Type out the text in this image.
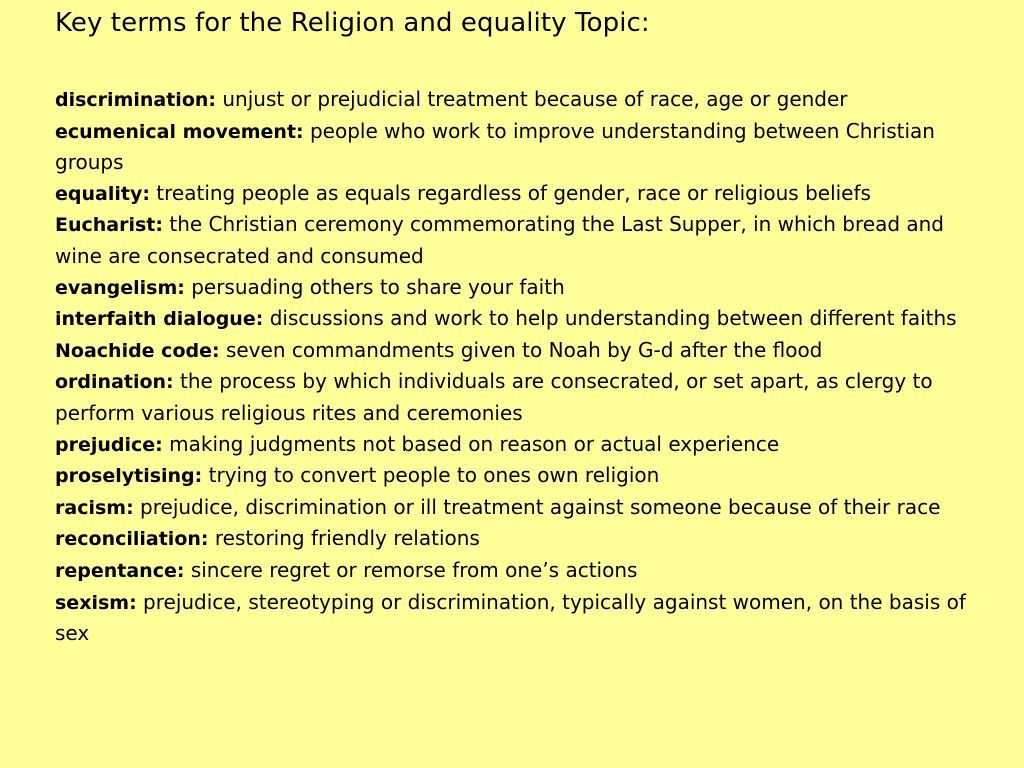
Key terms for the Religion and equality Topic:
discrimination: unjust or prejudicial treatment because of race, age or gender
ecumenical movement: people who work to improve understanding between Christian groups
equality: treating people as equals regardless of gender, race or religious beliefs
Eucharist: the Christian ceremony commemorating the Last Supper, in which bread and wine are consecrated and consumed
evangelism: persuading others to share your faith
interfaith dialogue: discussions and work to help understanding between different faiths
Noachide code: seven commandments given to Noah by G-d after the flood
ordination: the process by which individuals are consecrated, or set apart, as clergy to perform various religious rites and ceremonies
prejudice: making judgments not based on reason or actual experience
proselytising: trying to convert people to ones own religion
racism: prejudice, discrimination or ill treatment against someone because of their race
reconciliation: restoring friendly relations
repentance: sincere regret or remorse from one’s actions
sexism: prejudice, stereotyping or discrimination, typically against women, on the basis of sex
